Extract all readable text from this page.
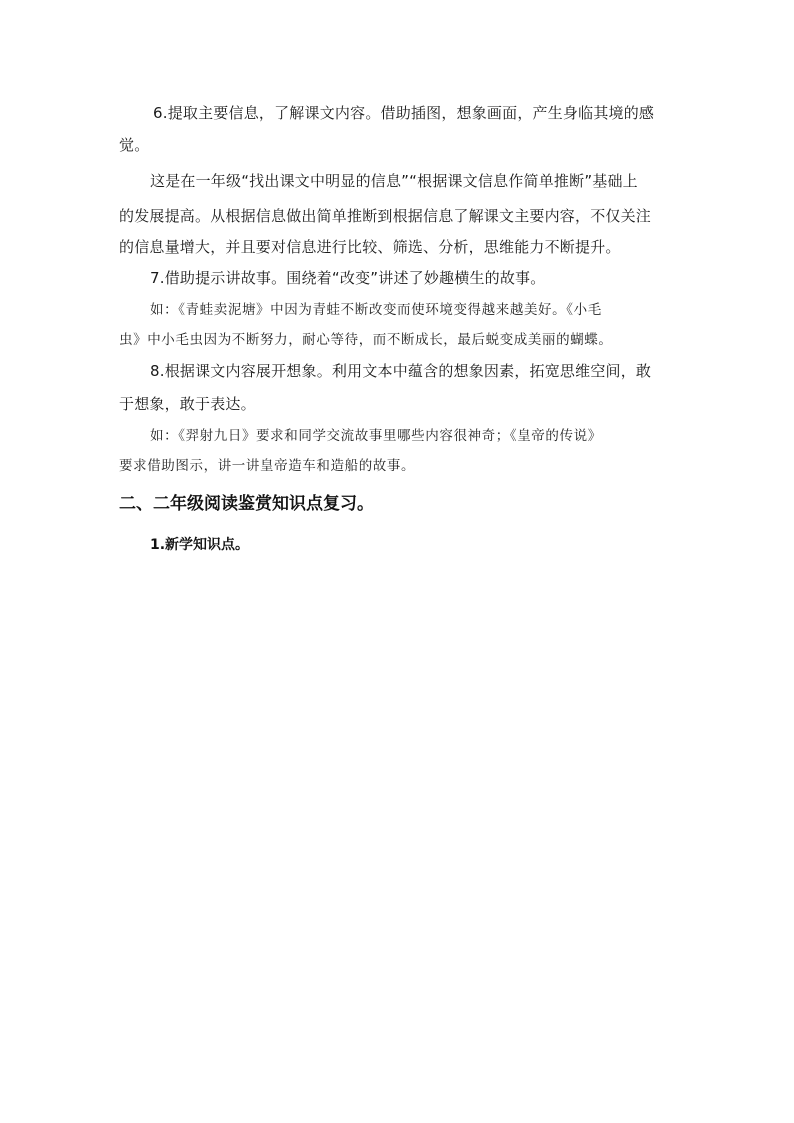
6.提取主要信息，了解课文内容。借助插图，想象画面，产生身临其境的感
觉。
这是在一年级“找出课文中明显的信息”“根据课文信息作简单推断”基础上
的发展提高。从根据信息做出简单推断到根据信息了解课文主要内容，不仅关注
的信息量增大，并且要对信息进行比较、筛选、分析，思维能力不断提升。
7.借助提示讲故事。围绕着“改变”讲述了妙趣横生的故事。
如：《青蛙卖泥塘》中因为青蛙不断改变而使环境变得越来越美好。《小毛
虫》中小毛虫因为不断努力，耐心等待，而不断成长，最后蜕变成美丽的蝴蝶。
8.根据课文内容展开想象。利用文本中蕴含的想象因素，拓宽思维空间，敢
于想象，敢于表达。
如：《羿射九日》要求和同学交流故事里哪些内容很神奇；《皇帝的传说》
要求借助图示，讲一讲皇帝造车和造船的故事。
二、二年级阅读鉴赏知识点复习。
1.新学知识点。
